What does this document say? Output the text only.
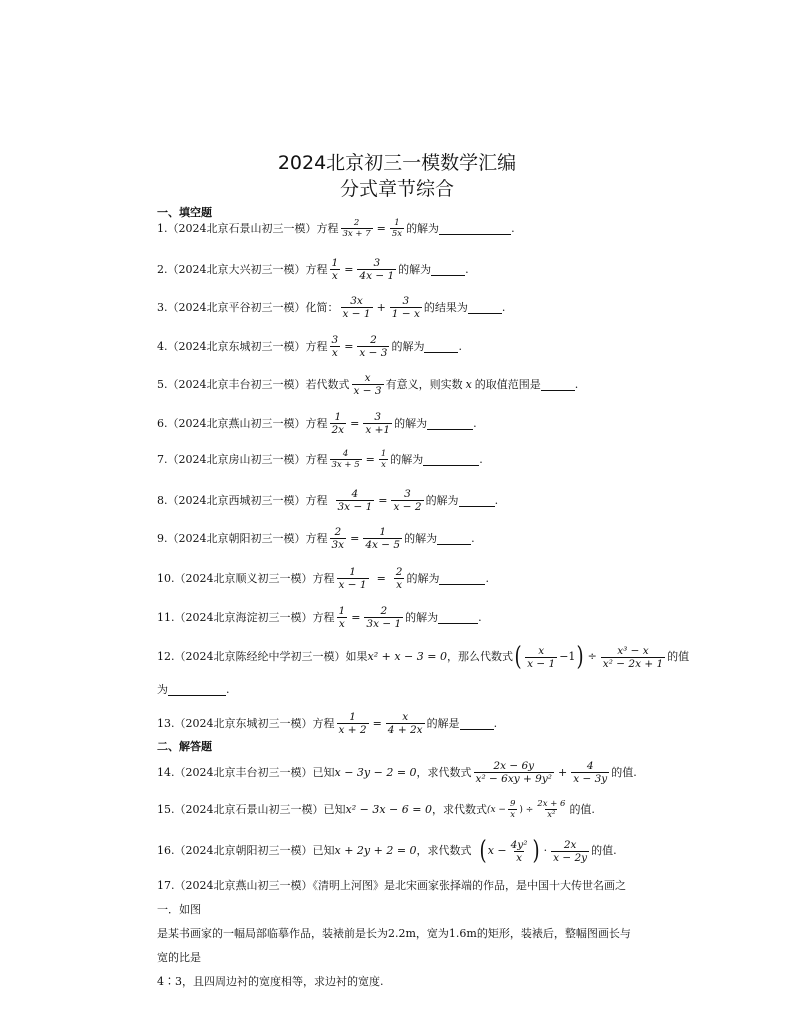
2024北京初三一模数学汇编
分式章节综合
一、填空题
1.（2024北京石景山初三一模）方程 $\frac{2}{3x + 7} = \frac{1}{5x}$ 的解为	.
2.（2024北京大兴初三一模）方程 $\frac{1}{x} = \frac{3}{4x - 1}$ 的解为	.
3.（2024北京平谷初三一模）化简： $\frac{3x}{x - 1} + \frac{3}{1 - x}$ 的结果为	.
4.（2024北京东城初三一模）方程 $\frac{3}{x} = \frac{2}{x - 3}$ 的解为	.
5.（2024北京丰台初三一模）若代数式 $\frac{x}{x - 3}$ 有意义，则实数 x 的取值范围是	.
6.（2024北京燕山初三一模）方程 $\frac{1}{2x} = \frac{3}{x +1}$ 的解为	.
7.（2024北京房山初三一模）方程 $\frac{4}{3x + 5} = \frac{1}{x}$ 的解为	.
8.（2024北京西城初三一模）方程 $\frac{4}{3x - 1} = \frac{3}{x - 2}$ 的解为	.
9.（2024北京朝阳初三一模）方程 $\frac{2}{3x} = \frac{1}{4x - 5}$ 的解为	.
10.（2024北京顺义初三一模）方程 $\frac{1}{x - 1} = \frac{2}{x}$ 的解为	.
11.（2024北京海淀初三一模）方程 $\frac{1}{x} = \frac{2}{3x - 1}$ 的解为	.
12.（2024北京陈经纶中学初三一模）如果 x² + x − 3 = 0 ，那么代数式 ( $\frac{x}{x - 1} -1$ ) ÷ $\frac{\text{x³ − x}}{\text{x² − 2x + 1}}$ 的值
为	.
13.（2024北京东城初三一模）方程 $\frac{1}{x + 2} = \frac{x}{4 + 2x}$ 的解是	.
二、解答题
14.（2024北京丰台初三一模）已知 x − 3y − 2 = 0 ，求代数式 $\frac{2x - 6y}{\text{x² − 6xy + 9y²}} + \frac{4}{x - 3y}$ 的值.
15.（2024北京石景山初三一模）已知 x² − 3x − 6 = 0 ，求代数式 ($x - \frac{9}{x}$ ) ÷ $\frac{2x + 6}{\text{x²}}$ 的值.
16.（2024北京朝阳初三一模）已知 x + 2y + 2 = 0 ，求代数式 ( $x - \frac{\text{4y²}}{x}$ ) · $\frac{2x}{x - 2y}$ 的值.
17.（2024北京燕山初三一模）《清明上河图》是北宋画家张择端的作品，是中国十大传世名画之一．如图
是某书画家的一幅局部临摹作品，装裱前是长为2.2m，宽为1.6m的矩形，装裱后，整幅图画长与宽的比是
4∶3，且四周边衬的宽度相等，求边衬的宽度.
